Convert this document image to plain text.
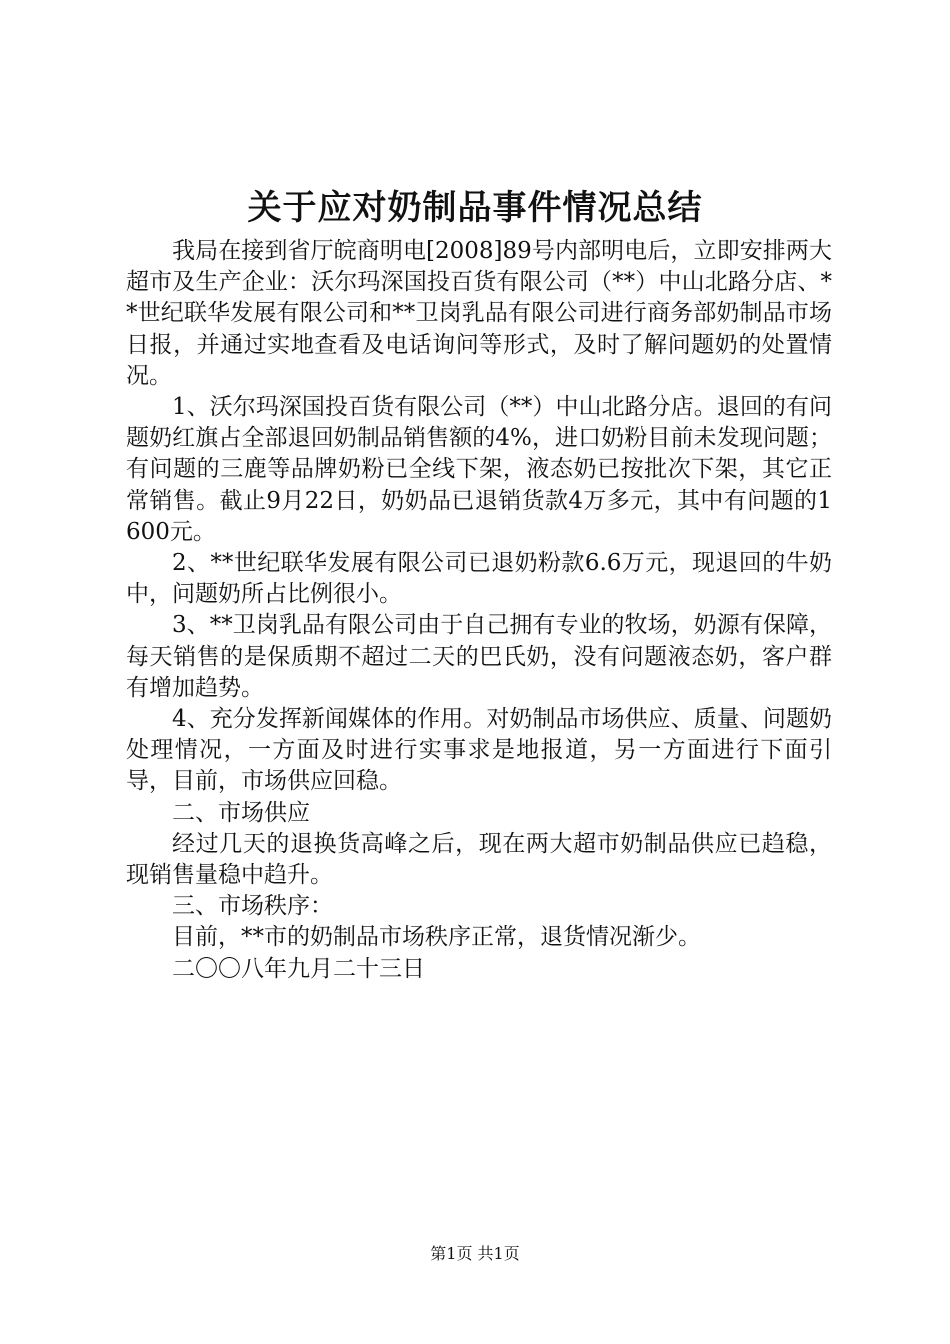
关于应对奶制品事件情况总结

我局在接到省厅皖商明电[2008]89号内部明电后，立即安排两大超市及生产企业：沃尔玛深国投百货有限公司（**）中山北路分店、**世纪联华发展有限公司和**卫岗乳品有限公司进行商务部奶制品市场日报，并通过实地查看及电话询问等形式，及时了解问题奶的处置情况。

1、沃尔玛深国投百货有限公司（**）中山北路分店。退回的有问题奶红旗占全部退回奶制品销售额的4%，进口奶粉目前未发现问题；有问题的三鹿等品牌奶粉已全线下架，液态奶已按批次下架，其它正常销售。截止9月22日，奶奶品已退销货款4万多元，其中有问题的1600元。

2、**世纪联华发展有限公司已退奶粉款6.6万元，现退回的牛奶中，问题奶所占比例很小。

3、**卫岗乳品有限公司由于自己拥有专业的牧场，奶源有保障，每天销售的是保质期不超过二天的巴氏奶，没有问题液态奶，客户群有增加趋势。

4、充分发挥新闻媒体的作用。对奶制品市场供应、质量、问题奶处理情况，一方面及时进行实事求是地报道，另一方面进行下面引导，目前，市场供应回稳。

二、市场供应

经过几天的退换货高峰之后，现在两大超市奶制品供应已趋稳，现销售量稳中趋升。

三、市场秩序：

目前，**市的奶制品市场秩序正常，退货情况渐少。

二〇〇八年九月二十三日

第1页 共1页
